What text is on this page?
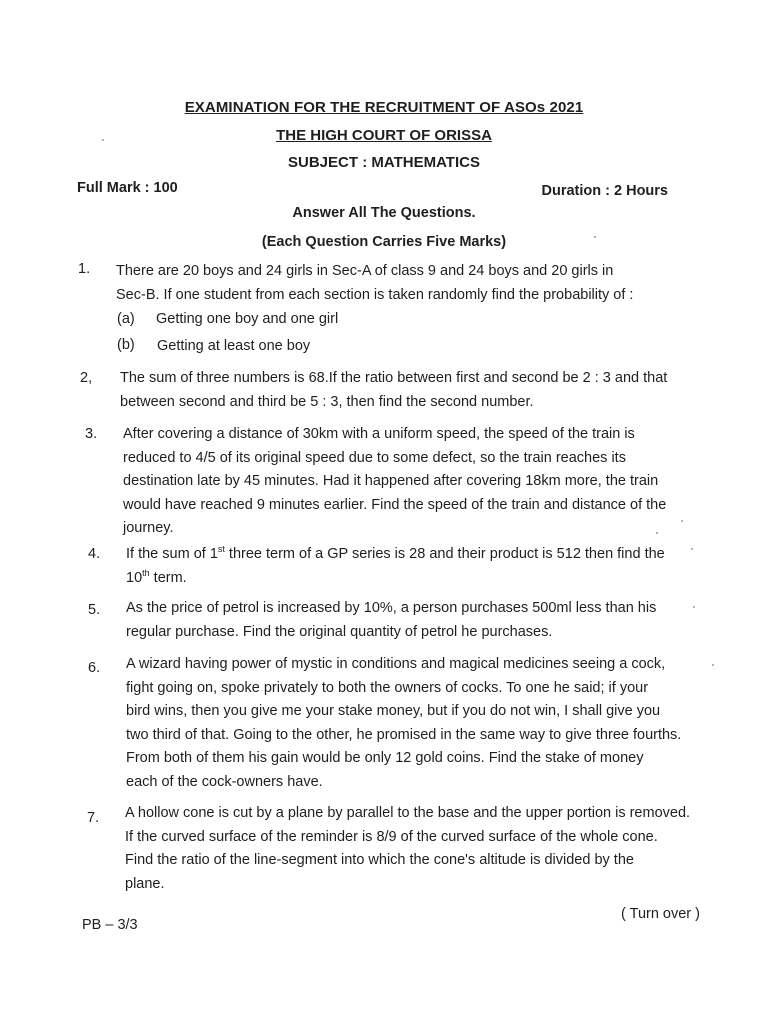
EXAMINATION FOR THE RECRUITMENT OF ASOs 2021
THE HIGH COURT OF ORISSA
SUBJECT : MATHEMATICS
Full Mark : 100	Duration : 2 Hours
Answer All The Questions.
(Each Question Carries Five Marks)
1. There are 20 boys and 24 girls in Sec-A of class 9 and 24 boys and 20 girls in
Sec-B. If one student from each section is taken randomly find the probability of :
(a) Getting one boy and one girl
(b) Getting at least one boy
2, The sum of three numbers is 68.If the ratio between first and second be 2 : 3 and that
between second and third be 5 : 3, then find the second number.
3. After covering a distance of 30km with a uniform speed, the speed of the train is
reduced to 4/5 of its original speed due to some defect, so the train reaches its
destination late by 45 minutes. Had it happened after covering 18km more, the train
would have reached 9 minutes earlier. Find the speed of the train and distance of the
journey.
4. If the sum of 1st three term of a GP series is 28 and their product is 512 then find the
10th term.
5. As the price of petrol is increased by 10%, a person purchases 500ml less than his
regular purchase. Find the original quantity of petrol he purchases.
6. A wizard having power of mystic in conditions and magical medicines seeing a cock,
fight going on, spoke privately to both the owners of cocks. To one he said; if your
bird wins, then you give me your stake money, but if you do not win, I shall give you
two third of that. Going to the other, he promised in the same way to give three fourths.
From both of them his gain would be only 12 gold coins. Find the stake of money
each of the cock-owners have.
7. A hollow cone is cut by a plane by parallel to the base and the upper portion is removed.
If the curved surface of the reminder is 8/9 of the curved surface of the whole cone.
Find the ratio of the line-segment into which the cone's altitude is divided by the
plane.
PB – 3/3
( Turn over )
